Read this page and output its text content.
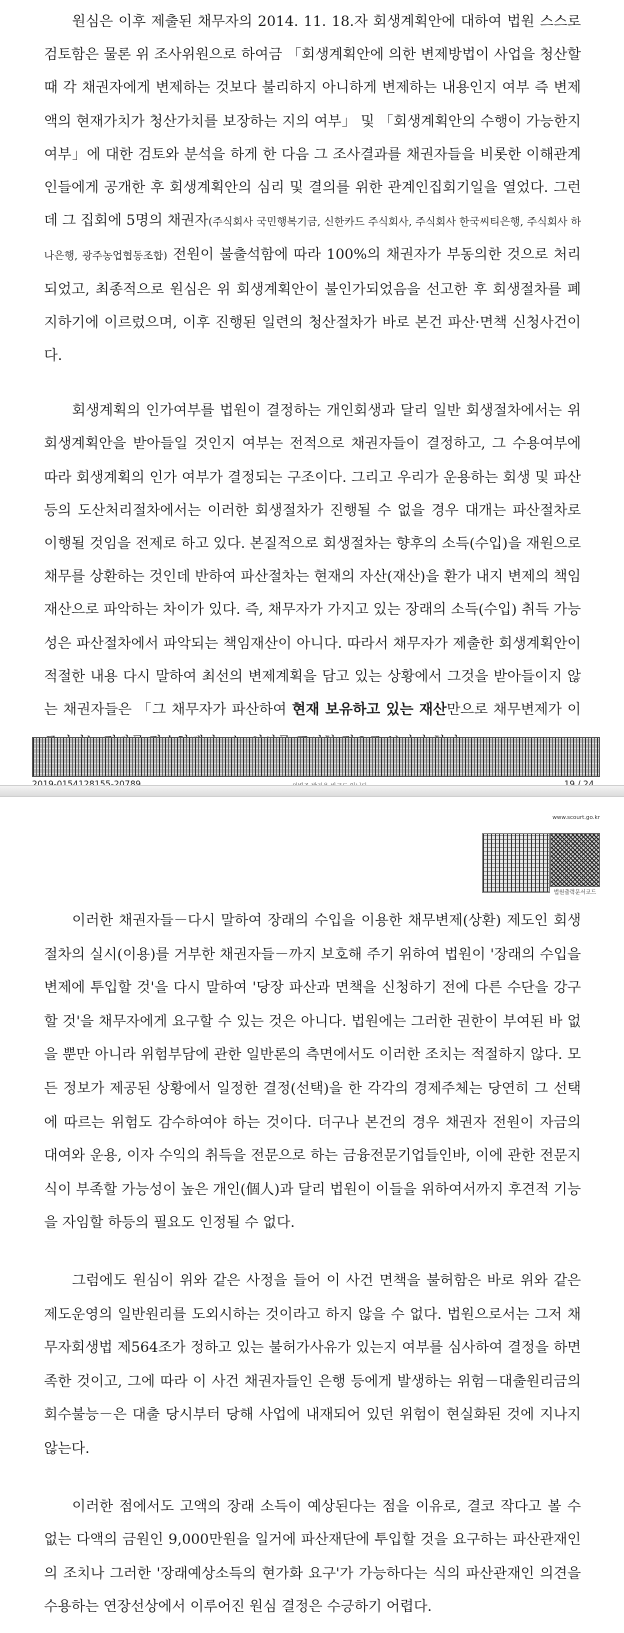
원심은 이후 제출된 채무자의 2014. 11. 18.자 회생계획안에 대하여 법원 스스로 검토함은 물론 위 조사위원으로 하여금 「회생계획안에 의한 변제방법이 사업을 청산할 때 각 채권자에게 변제하는 것보다 불리하지 아니하게 변제하는 내용인지 여부 즉 변제액의 현재가치가 청산가치를 보장하는 지의 여부」 및 「회생계획안의 수행이 가능한지 여부」에 대한 검토와 분석을 하게 한 다음 그 조사결과를 채권자들을 비롯한 이해관계인들에게 공개한 후 회생계획안의 심리 및 결의를 위한 관계인집회기일을 열었다. 그런데 그 집회에 5명의 채권자(주식회사 국민행복기금, 신한카드 주식회사, 주식회사 한국씨티은행, 주식회사 하나은행, 광주농업협동조합) 전원이 불출석함에 따라 100%의 채권자가 부동의한 것으로 처리되었고, 최종적으로 원심은 위 회생계획안이 불인가되었음을 선고한 후 회생절차를 폐지하기에 이르렀으며, 이후 진행된 일련의 청산절차가 바로 본건 파산·면책 신청사건이다.

회생계획의 인가여부를 법원이 결정하는 개인회생과 달리 일반 회생절차에서는 위 회생계획안을 받아들일 것인지 여부는 전적으로 채권자들이 결정하고, 그 수용여부에 따라 회생계획의 인가 여부가 결정되는 구조이다. 그리고 우리가 운용하는 회생 및 파산 등의 도산처리절차에서는 이러한 회생절차가 진행될 수 없을 경우 대개는 파산절차로 이행될 것임을 전제로 하고 있다. 본질적으로 회생절차는 향후의 소득(수입)을 재원으로 채무를 상환하는 것인데 반하여 파산절차는 현재의 자산(재산)을 환가 내지 변제의 책임재산으로 파악하는 차이가 있다. 즉, 채무자가 가지고 있는 장래의 소득(수입) 취득 가능성은 파산절차에서 파악되는 책임재산이 아니다. 따라서 채무자가 제출한 회생계획안이 적절한 내용 다시 말하여 최선의 변제계획을 담고 있는 상황에서 그것을 받아들이지 않는 채권자들은 「그 채무자가 파산하여 현재 보유하고 있는 재산만으로 채무변제가 이

www.scourt.go.kr
법원출력문서코드

이러한 채권자들－다시 말하여 장래의 수입을 이용한 채무변제(상환) 제도인 회생절차의 실시(이용)를 거부한 채권자들－까지 보호해 주기 위하여 법원이 '장래의 수입을 변제에 투입할 것'을 다시 말하여 '당장 파산과 면책을 신청하기 전에 다른 수단을 강구할 것'을 채무자에게 요구할 수 있는 것은 아니다. 법원에는 그러한 권한이 부여된 바 없을 뿐만 아니라 위험부담에 관한 일반론의 측면에서도 이러한 조치는 적절하지 않다. 모든 정보가 제공된 상황에서 일정한 결정(선택)을 한 각각의 경제주체는 당연히 그 선택에 따르는 위험도 감수하여야 하는 것이다. 더구나 본건의 경우 채권자 전원이 자금의 대여와 운용, 이자 수익의 취득을 전문으로 하는 금융전문기업들인바, 이에 관한 전문지식이 부족할 가능성이 높은 개인(個人)과 달리 법원이 이들을 위하여서까지 후견적 기능을 자임할 하등의 필요도 인정될 수 없다.

그럼에도 원심이 위와 같은 사정을 들어 이 사건 면책을 불허함은 바로 위와 같은 제도운영의 일반원리를 도외시하는 것이라고 하지 않을 수 없다. 법원으로서는 그저 채무자회생법 제564조가 정하고 있는 불허가사유가 있는지 여부를 심사하여 결정을 하면 족한 것이고, 그에 따라 이 사건 채권자들인 은행 등에게 발생하는 위험－대출원리금의 회수불능－은 대출 당시부터 당해 사업에 내재되어 있던 위험이 현실화된 것에 지나지 않는다.

이러한 점에서도 고액의 장래 소득이 예상된다는 점을 이유로, 결코 작다고 볼 수 없는 다액의 금원인 9,000만원을 일거에 파산재단에 투입할 것을 요구하는 파산관재인의 조치나 그러한 '장래예상소득의 현가화 요구'가 가능하다는 식의 파산관재인 의견을 수용하는 연장선상에서 이루어진 원심 결정은 수긍하기 어렵다.
